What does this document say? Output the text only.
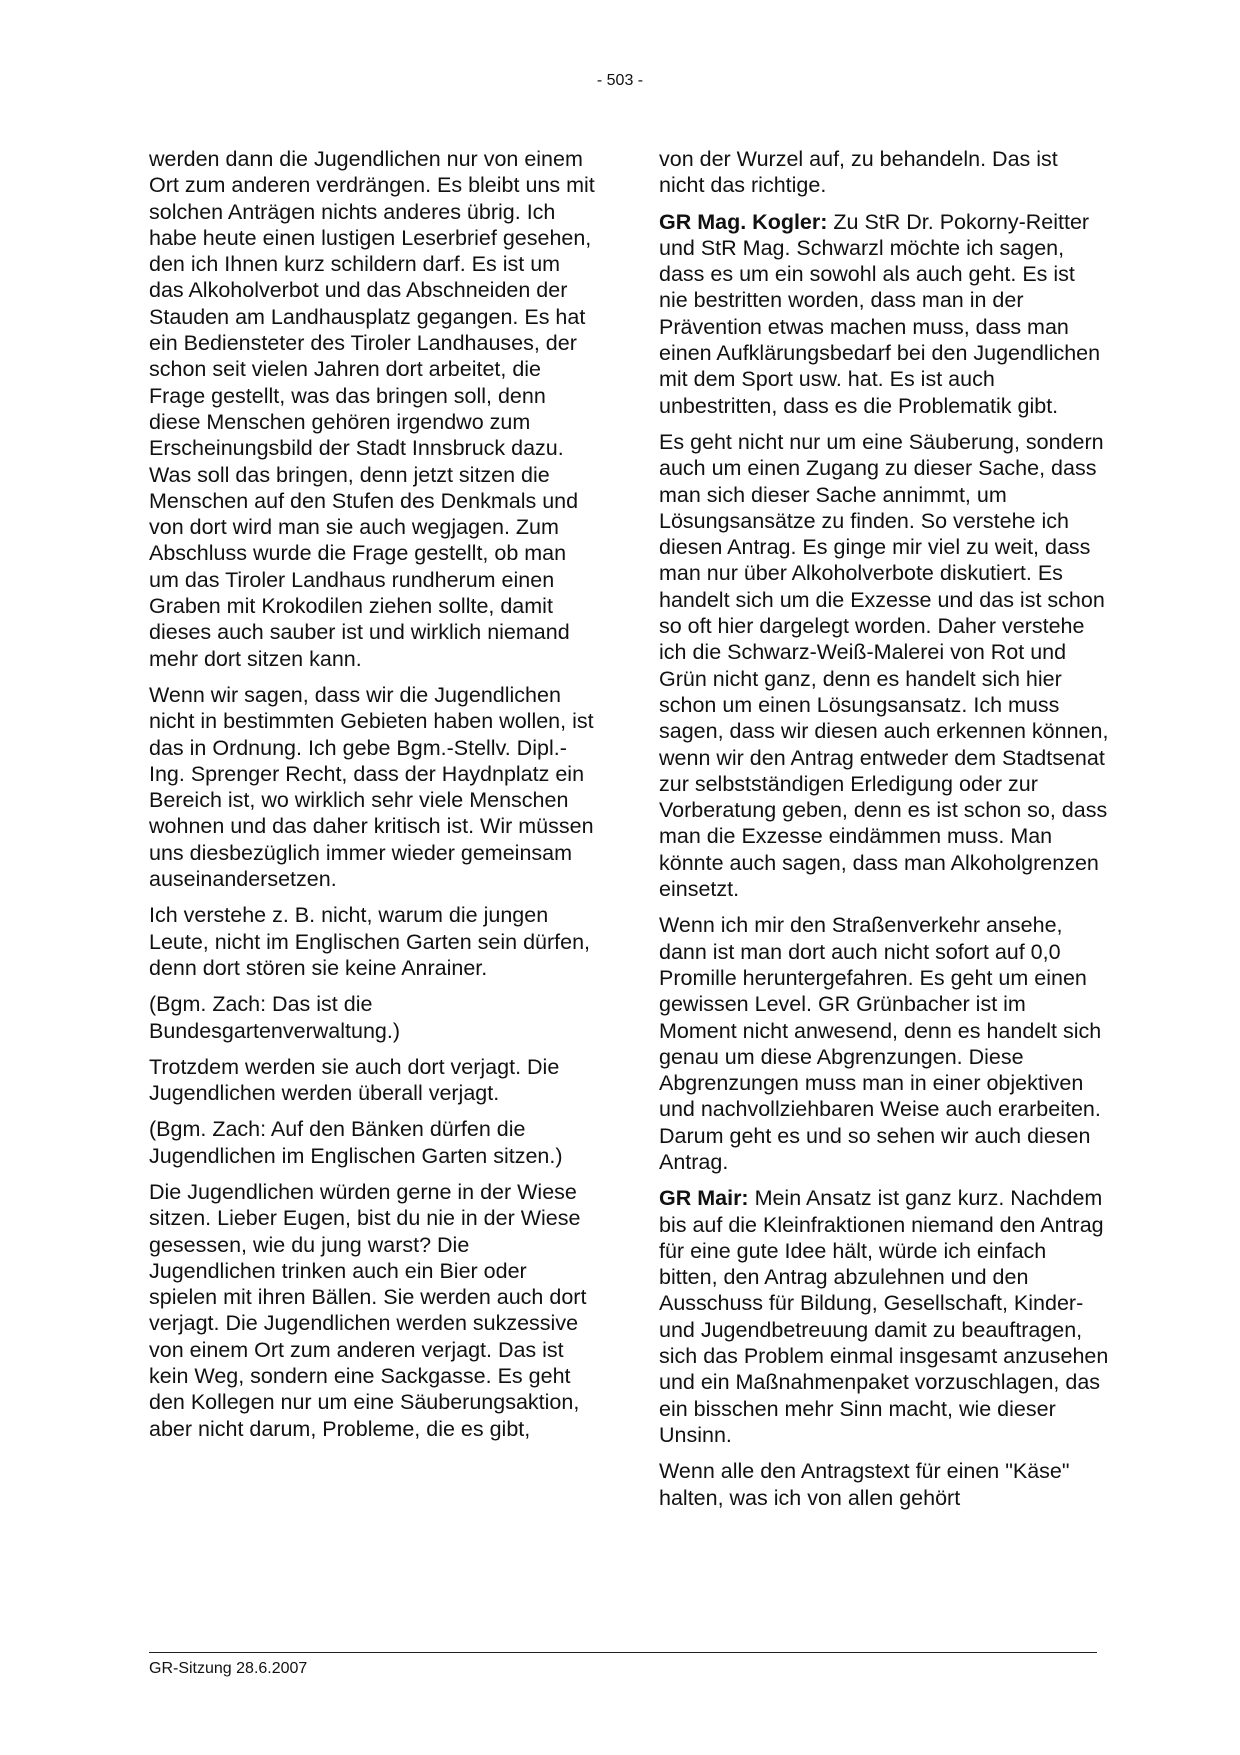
- 503 -

werden dann die Jugendlichen nur von einem Ort zum anderen verdrängen. Es bleibt uns mit solchen Anträgen nichts anderes übrig. Ich habe heute einen lustigen Leserbrief gesehen, den ich Ihnen kurz schildern darf. Es ist um das Alkoholverbot und das Abschneiden der Stauden am Landhausplatz gegangen. Es hat ein Bediensteter des Tiroler Landhauses, der schon seit vielen Jahren dort arbeitet, die Frage gestellt, was das bringen soll, denn diese Menschen gehören irgendwo zum Erscheinungsbild der Stadt Innsbruck dazu. Was soll das bringen, denn jetzt sitzen die Menschen auf den Stufen des Denkmals und von dort wird man sie auch wegjagen. Zum Abschluss wurde die Frage gestellt, ob man um das Tiroler Landhaus rundherum einen Graben mit Krokodilen ziehen sollte, damit dieses auch sauber ist und wirklich niemand mehr dort sitzen kann.

Wenn wir sagen, dass wir die Jugendlichen nicht in bestimmten Gebieten haben wollen, ist das in Ordnung. Ich gebe Bgm.-Stellv. Dipl.-Ing. Sprenger Recht, dass der Haydnplatz ein Bereich ist, wo wirklich sehr viele Menschen wohnen und das daher kritisch ist. Wir müssen uns diesbezüglich immer wieder gemeinsam auseinandersetzen.

Ich verstehe z. B. nicht, warum die jungen Leute, nicht im Englischen Garten sein dürfen, denn dort stören sie keine Anrainer.

(Bgm. Zach: Das ist die Bundesgartenverwaltung.)

Trotzdem werden sie auch dort verjagt. Die Jugendlichen werden überall verjagt.

(Bgm. Zach: Auf den Bänken dürfen die Jugendlichen im Englischen Garten sitzen.)

Die Jugendlichen würden gerne in der Wiese sitzen. Lieber Eugen, bist du nie in der Wiese gesessen, wie du jung warst? Die Jugendlichen trinken auch ein Bier oder spielen mit ihren Bällen. Sie werden auch dort verjagt. Die Jugendlichen werden sukzessive von einem Ort zum anderen verjagt. Das ist kein Weg, sondern eine Sackgasse. Es geht den Kollegen nur um eine Säuberungsaktion, aber nicht darum, Probleme, die es gibt,

von der Wurzel auf, zu behandeln. Das ist nicht das richtige.

GR Mag. Kogler: Zu StR Dr. Pokorny-Reitter und StR Mag. Schwarzl möchte ich sagen, dass es um ein sowohl als auch geht. Es ist nie bestritten worden, dass man in der Prävention etwas machen muss, dass man einen Aufklärungsbedarf bei den Jugendlichen mit dem Sport usw. hat. Es ist auch unbestritten, dass es die Problematik gibt.

Es geht nicht nur um eine Säuberung, sondern auch um einen Zugang zu dieser Sache, dass man sich dieser Sache annimmt, um Lösungsansätze zu finden. So verstehe ich diesen Antrag. Es ginge mir viel zu weit, dass man nur über Alkoholverbote diskutiert. Es handelt sich um die Exzesse und das ist schon so oft hier dargelegt worden. Daher verstehe ich die Schwarz-Weiß-Malerei von Rot und Grün nicht ganz, denn es handelt sich hier schon um einen Lösungsansatz. Ich muss sagen, dass wir diesen auch erkennen können, wenn wir den Antrag entweder dem Stadtsenat zur selbstständigen Erledigung oder zur Vorberatung geben, denn es ist schon so, dass man die Exzesse eindämmen muss. Man könnte auch sagen, dass man Alkoholgrenzen einsetzt.

Wenn ich mir den Straßenverkehr ansehe, dann ist man dort auch nicht sofort auf 0,0 Promille heruntergefahren. Es geht um einen gewissen Level. GR Grünbacher ist im Moment nicht anwesend, denn es handelt sich genau um diese Abgrenzungen. Diese Abgrenzungen muss man in einer objektiven und nachvollziehbaren Weise auch erarbeiten. Darum geht es und so sehen wir auch diesen Antrag.

GR Mair: Mein Ansatz ist ganz kurz. Nachdem bis auf die Kleinfraktionen niemand den Antrag für eine gute Idee hält, würde ich einfach bitten, den Antrag abzulehnen und den Ausschuss für Bildung, Gesellschaft, Kinder- und Jugendbetreuung damit zu beauftragen, sich das Problem einmal insgesamt anzusehen und ein Maßnahmenpaket vorzuschlagen, das ein bisschen mehr Sinn macht, wie dieser Unsinn.

Wenn alle den Antragstext für einen "Käse" halten, was ich von allen gehört

GR-Sitzung 28.6.2007
